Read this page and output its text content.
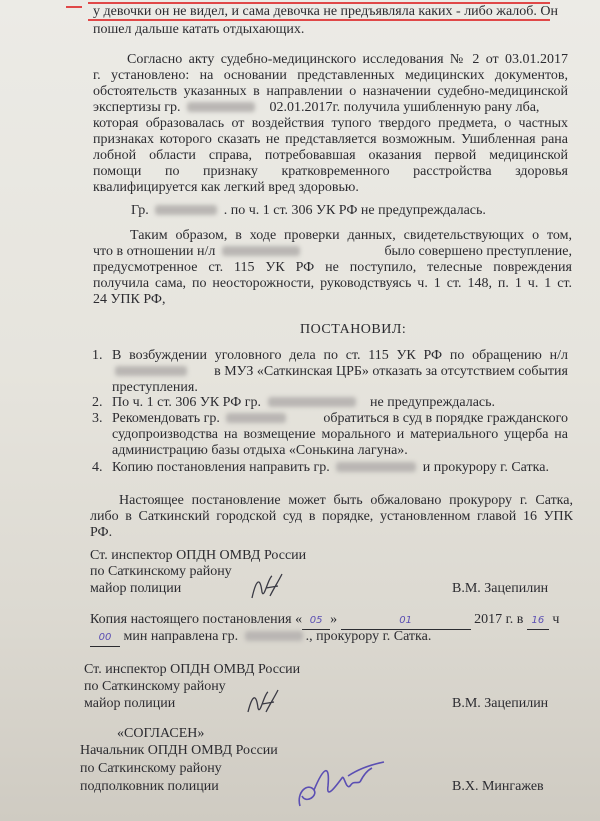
у девочки он не видел, и сама девочка не предъявляла каких - либо жалоб. Он
пошел дальше катать отдыхающих.
Согласно акту судебно-медицинского исследования № 2 от 03.01.2017
г. установлено: на основании представленных медицинских документов,
обстоятельств указанных в направлении о назначении судебно-медицинской
экспертизы гр.	02.01.2017г. получила ушибленную рану лба,
которая образовалась от воздействия тупого твердого предмета, о частных
признаках которого сказать не представляется возможным. Ушибленная рана
лобной области справа, потребовавшая оказания первой медицинской
помощи по признаку кратковременного расстройства здоровья
квалифицируется как легкий вред здоровью.
Гр.	. по ч. 1 ст. 306 УК РФ не предупреждалась.
Таким образом, в ходе проверки данных, свидетельствующих о том,
что в отношении н/л	было совершено преступление,
предусмотренное ст. 115 УК РФ не поступило, телесные повреждения
получила сама, по неосторожности, руководствуясь ч. 1 ст. 148, п. 1 ч. 1 ст.
24 УПК РФ,
ПОСТАНОВИЛ:
1. В возбуждении уголовного дела по ст. 115 УК РФ по обращению н/л
в МУЗ «Саткинская ЦРБ» отказать за отсутствием события
преступления.
2. По ч. 1 ст. 306 УК РФ гр.	не предупреждалась.
3. Рекомендовать гр.	обратиться в суд в порядке гражданского
судопроизводства на возмещение морального и материального ущерба на
администрацию базы отдыха «Сонькина лагуна».
4. Копию постановления направить гр.	и прокурору г. Сатка.
Настоящее постановление может быть обжаловано прокурору г. Сатка,
либо в Саткинский городской суд в порядке, установленном главой 16 УПК
РФ.
Ст. инспектор ОПДН ОМВД России
по Саткинскому району
майор полиции	В.М. Зацепилин
Копия настоящего постановления « 05 »	01	2017 г. в 16 ч
00 мин направлена гр.	., прокурору г. Сатка.
Ст. инспектор ОПДН ОМВД России
по Саткинскому району
майор полиции	В.М. Зацепилин
«СОГЛАСЕН»
Начальник ОПДН ОМВД России
по Саткинскому району
подполковник полиции	В.Х. Мингажев
